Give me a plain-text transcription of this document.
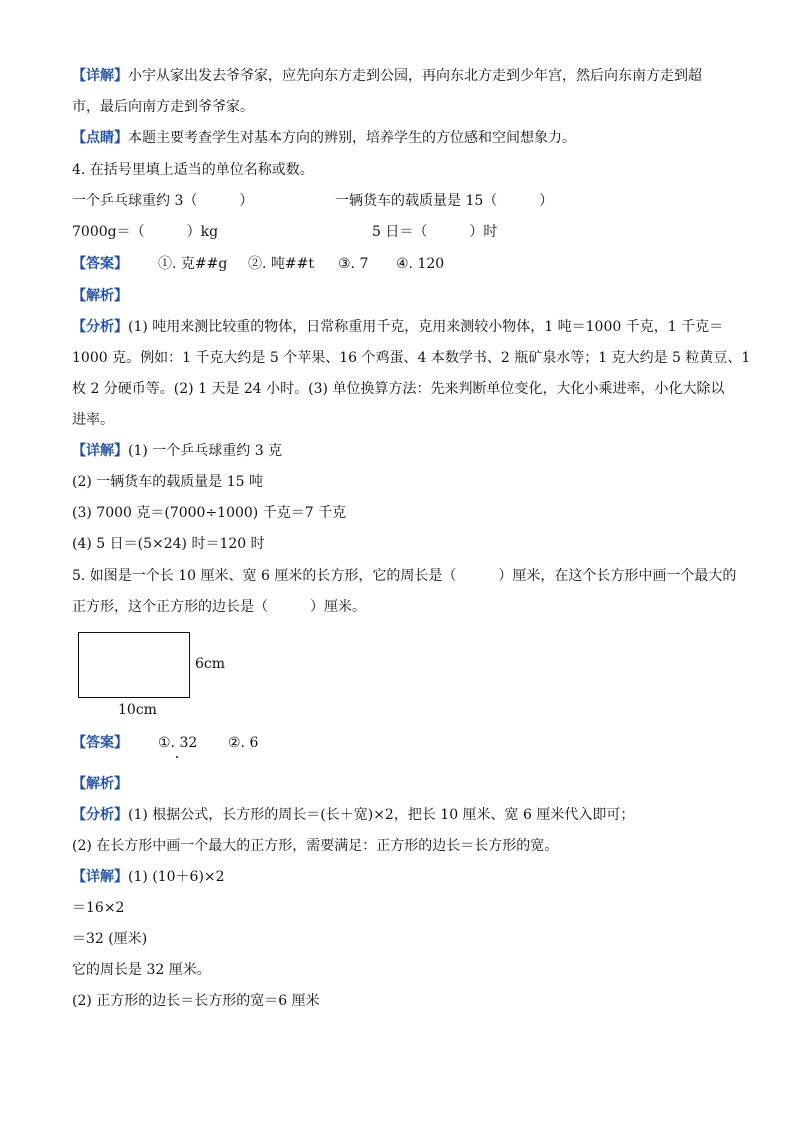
【详解】小宇从家出发去爷爷家，应先向东方走到公园，再向东北方走到少年宫，然后向东南方走到超
市，最后向南方走到爷爷家。
【点睛】本题主要考查学生对基本方向的辨别，培养学生的方位感和空间想象力。
4. 在括号里填上适当的单位名称或数。
一个乒乓球重约 3（　　　）	一辆货车的载质量是 15（　　　）
7000g＝（　　　）kg	5 日＝（　　　）时
【答案】 ①. 克##g ②. 吨##t ③. 7 ④. 120
【解析】
【分析】(1) 吨用来测比较重的物体，日常称重用千克，克用来测较小物体，1 吨＝1000 千克，1 千克＝
1000 克。例如：1 千克大约是 5 个苹果、16 个鸡蛋、4 本数学书、2 瓶矿泉水等；1 克大约是 5 粒黄豆、1
枚 2 分硬币等。(2) 1 天是 24 小时。(3) 单位换算方法：先来判断单位变化，大化小乘进率，小化大除以
进率。
【详解】(1) 一个乒乓球重约 3 克
(2) 一辆货车的载质量是 15 吨
(3) 7000 克＝(7000÷1000) 千克＝7 千克
(4) 5 日＝(5×24) 时＝120 时
5. 如图是一个长 10 厘米、宽 6 厘米的长方形，它的周长是（　　　）厘米，在这个长方形中画一个最大的
正方形，这个正方形的边长是（　　　）厘米。
6cm
10cm
【答案】 ①. 32 ②. 6
【解析】
【分析】(1) 根据公式，长方形的周长＝(长＋宽)×2，把长 10 厘米、宽 6 厘米代入即可；
(2) 在长方形中画一个最大的正方形，需要满足：正方形的边长＝长方形的宽。
【详解】(1) (10＋6)×2
＝16×2
＝32 (厘米)
它的周长是 32 厘米。
(2) 正方形的边长＝长方形的宽＝6 厘米
